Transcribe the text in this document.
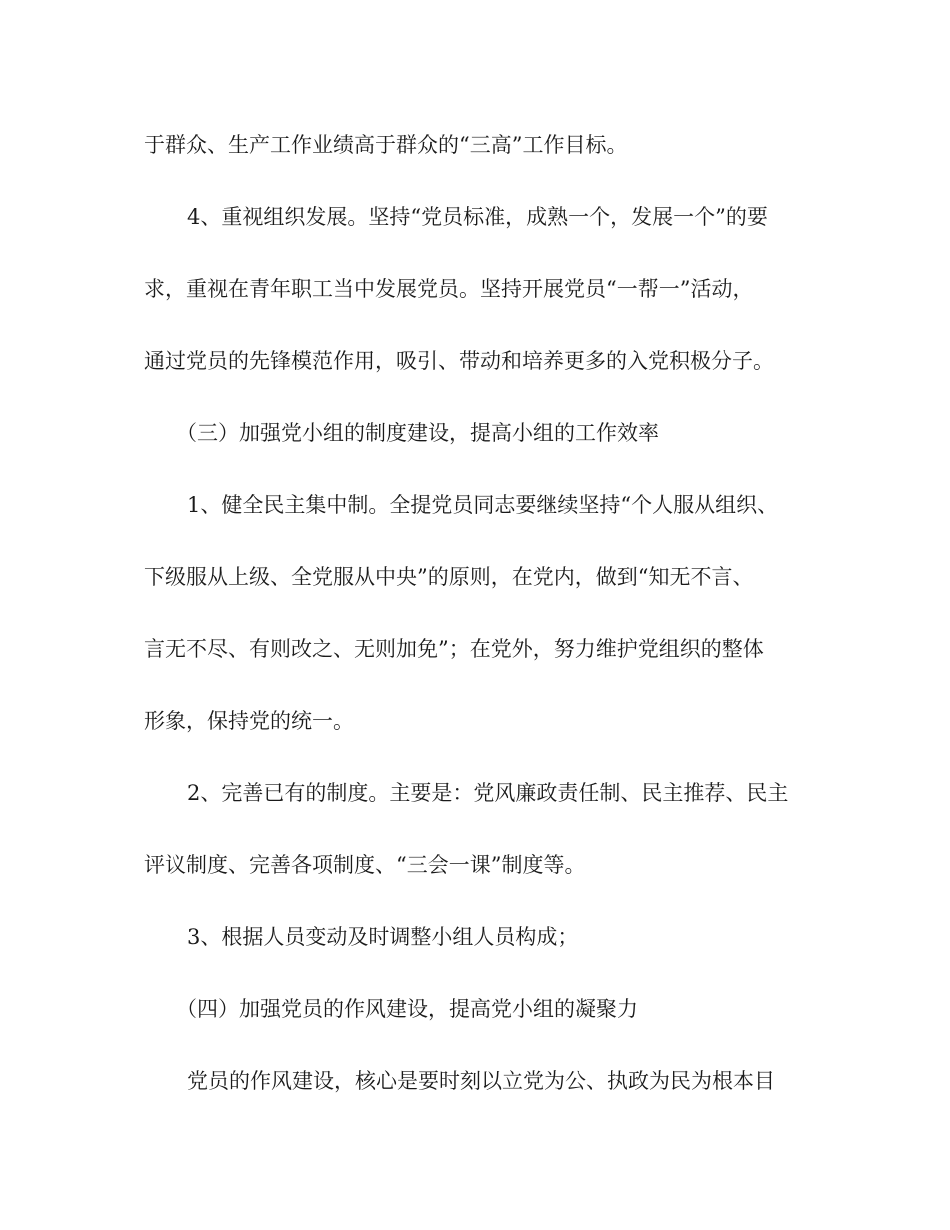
于群众、生产工作业绩高于群众的“三高”工作目标。
4、重视组织发展。坚持“党员标准，成熟一个，发展一个”的要
求，重视在青年职工当中发展党员。坚持开展党员“一帮一”活动，
通过党员的先锋模范作用，吸引、带动和培养更多的入党积极分子。
（三）加强党小组的制度建设，提高小组的工作效率
1、健全民主集中制。全提党员同志要继续坚持“个人服从组织、
下级服从上级、全党服从中央”的原则，在党内，做到“知无不言、
言无不尽、有则改之、无则加免”；在党外，努力维护党组织的整体
形象，保持党的统一。
2、完善已有的制度。主要是：党风廉政责任制、民主推荐、民主
评议制度、完善各项制度、“三会一课”制度等。
3、根据人员变动及时调整小组人员构成；
（四）加强党员的作风建设，提高党小组的凝聚力
党员的作风建设，核心是要时刻以立党为公、执政为民为根本目
